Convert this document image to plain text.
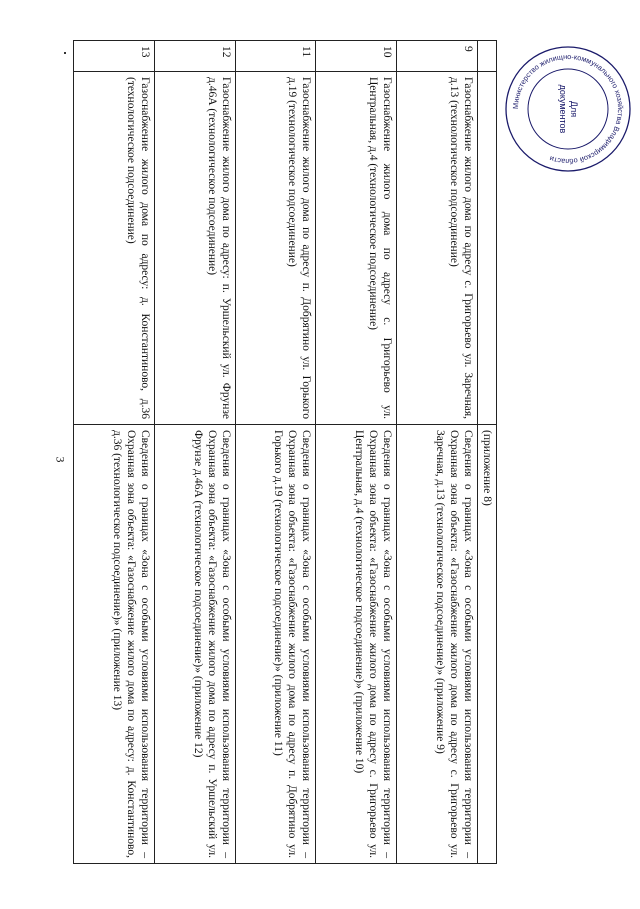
3
			(приложение 8)
9	Газоснабжение жилого дома по адресу с. Григорьево ул. Заречная, д.13 (технологическое подсоединение)	Сведения о границах «Зона с особыми условиями использования территории – Охранная зона объекта: «Газоснабжение жилого дома по адресу с. Григорьево ул. Заречная, д.13 (технологическое подсоединение)» (приложение 9)
10	Газоснабжение жилого дома по адресу с. Григорьево ул. Центральная, д.4 (технологическое подсоединение)	Сведения о границах «Зона с особыми условиями использования территории – Охранная зона объекта: «Газоснабжение жилого дома по адресу с. Григорьево ул. Центральная, д.4 (технологическое подсоединение)» (приложение 10)
11	Газоснабжение жилого дома по адресу п. Добрятино ул. Горького д.19 (технологическое подсоединение)	Сведения о границах «Зона с особыми условиями использования территории – Охранная зона объекта: «Газоснабжение жилого дома по адресу п. Добрятино ул. Горького д.19 (технологическое подсоединение)» (приложение 11)
12	Газоснабжение жилого дома по адресу: п. Уршельский ул. Фрунзе д.46А (технологическое подсоединение)	Сведения о границах «Зона с особыми условиями использования территории – Охранная зона объекта: «Газоснабжение жилого дома по адресу п. Уршельский ул. Фрунзе д.46А (технологическое подсоединение)» (приложение 12)
13	Газоснабжение жилого дома по адресу: д. Константиново, д.36 (технологическое подсоединение)	Сведения о границах «Зона с особыми условиями использования территории – Охранная зона объекта: «Газоснабжение жилого дома по адресу: д. Константиново, д.36 (технологическое подсоединение)» (приложение 13)
Министерство жилищно-коммунального хозяйства Владимирской области
Для
документов
